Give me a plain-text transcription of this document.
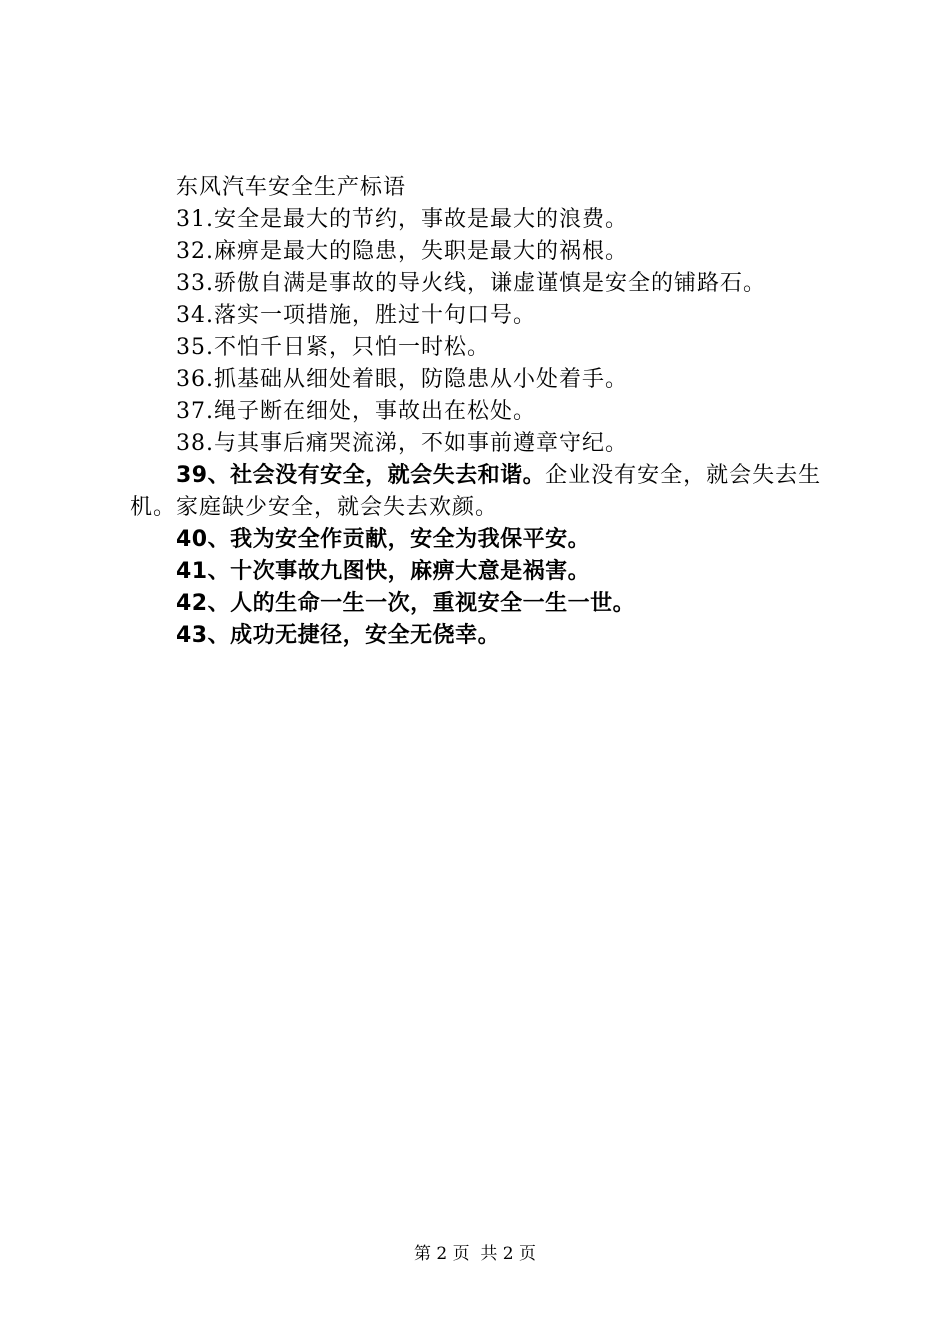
东风汽车安全生产标语
31.安全是最大的节约，事故是最大的浪费。
32.麻痹是最大的隐患，失职是最大的祸根。
33.骄傲自满是事故的导火线，谦虚谨慎是安全的铺路石。
34.落实一项措施，胜过十句口号。
35.不怕千日紧，只怕一时松。
36.抓基础从细处着眼，防隐患从小处着手。
37.绳子断在细处，事故出在松处。
38.与其事后痛哭流涕，不如事前遵章守纪。
39、社会没有安全，就会失去和谐。企业没有安全，就会失去生机。家庭缺少安全，就会失去欢颜。
40、我为安全作贡献，安全为我保平安。
41、十次事故九图快，麻痹大意是祸害。
42、人的生命一生一次，重视安全一生一世。
43、成功无捷径，安全无侥幸。
第 2 页  共 2 页
